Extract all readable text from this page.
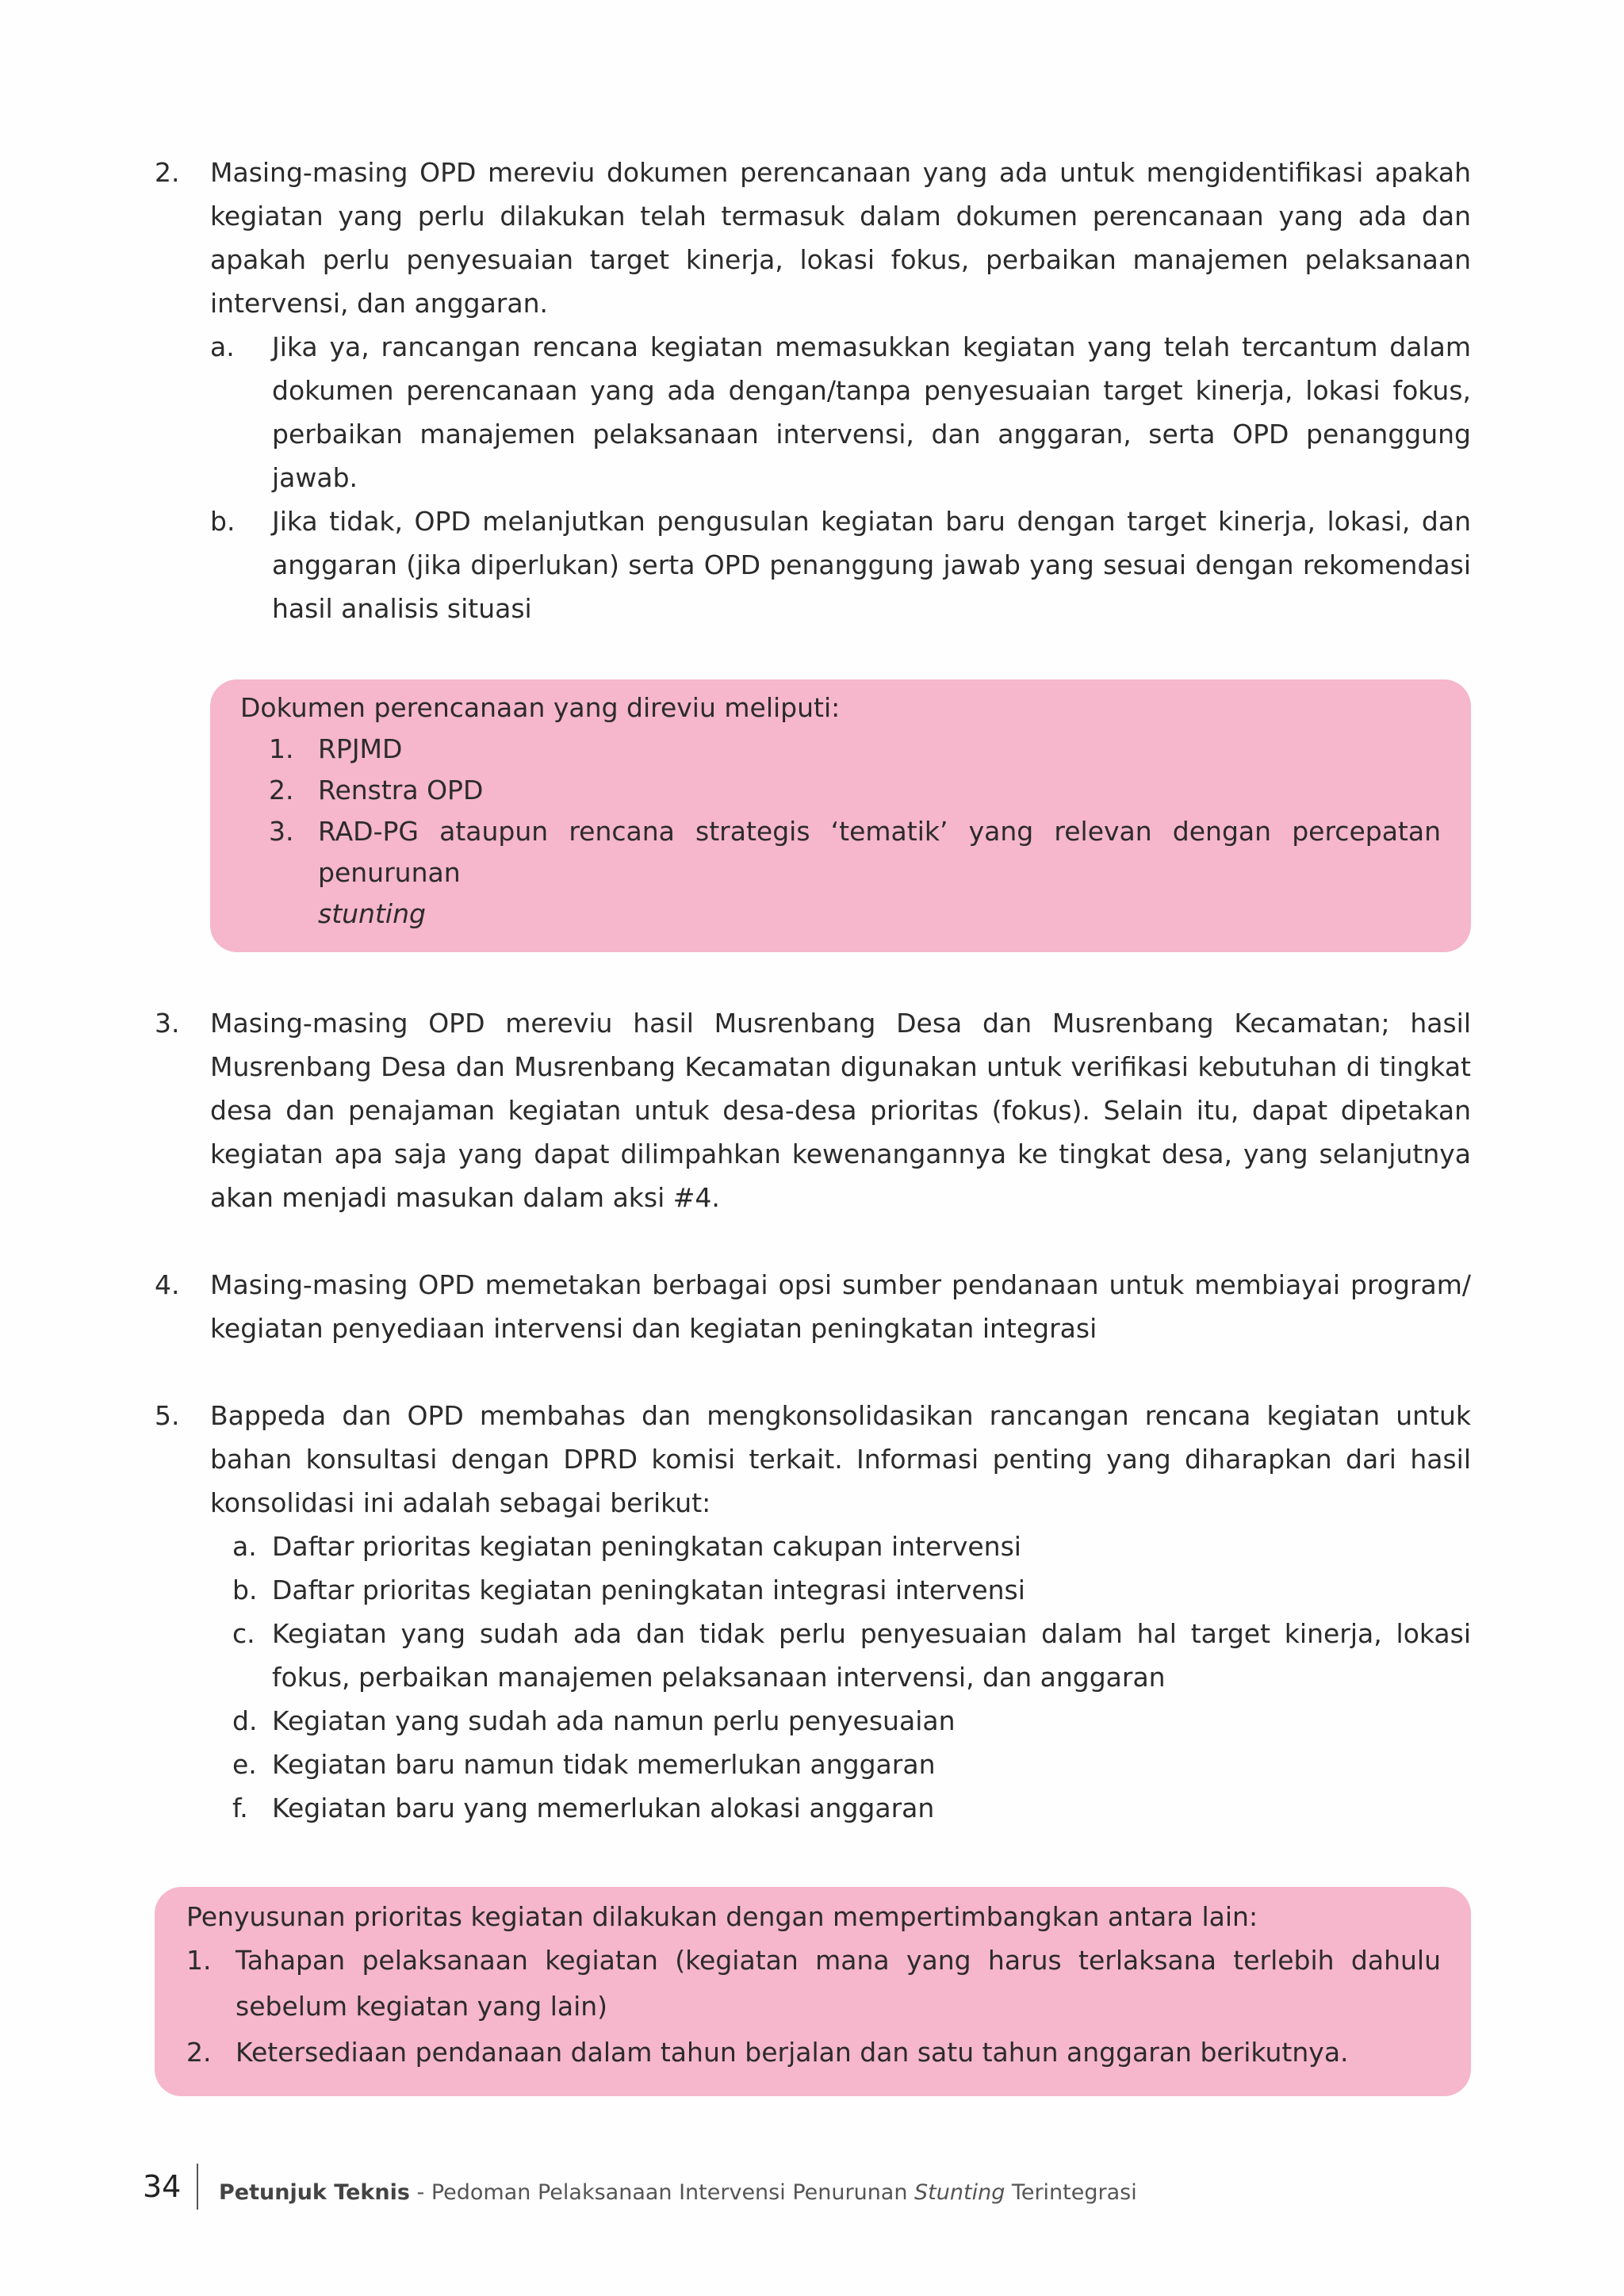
2.	Masing-masing OPD mereviu dokumen perencanaan yang ada untuk mengidentifikasi apakah kegiatan yang perlu dilakukan telah termasuk dalam dokumen perencanaan yang ada dan apakah perlu penyesuaian target kinerja, lokasi fokus, perbaikan manajemen pelaksanaan intervensi, dan anggaran.
a.	Jika ya, rancangan rencana kegiatan memasukkan kegiatan yang telah tercantum dalam dokumen perencanaan yang ada dengan/tanpa penyesuaian target kinerja, lokasi fokus, perbaikan manajemen pelaksanaan intervensi, dan anggaran, serta OPD penanggung jawab.
b.	Jika tidak, OPD melanjutkan pengusulan kegiatan baru dengan target kinerja, lokasi, dan anggaran (jika diperlukan) serta OPD penanggung jawab yang sesuai dengan rekomendasi hasil analisis situasi
Dokumen perencanaan yang direviu meliputi:
1. RPJMD
2. Renstra OPD
3. RAD-PG ataupun rencana strategis ‘tematik’ yang relevan dengan percepatan penurunan
stunting
3.	Masing-masing OPD mereviu hasil Musrenbang Desa dan Musrenbang Kecamatan; hasil Musrenbang Desa dan Musrenbang Kecamatan digunakan untuk verifikasi kebutuhan di tingkat desa dan penajaman kegiatan untuk desa-desa prioritas (fokus). Selain itu, dapat dipetakan kegiatan apa saja yang dapat dilimpahkan kewenangannya ke tingkat desa, yang selanjutnya akan menjadi masukan dalam aksi #4.
4.	Masing-masing OPD memetakan berbagai opsi sumber pendanaan untuk membiayai program/ kegiatan penyediaan intervensi dan kegiatan peningkatan integrasi
5.	Bappeda dan OPD membahas dan mengkonsolidasikan rancangan rencana kegiatan untuk bahan konsultasi dengan DPRD komisi terkait. Informasi penting yang diharapkan dari hasil konsolidasi ini adalah sebagai berikut:
a. Daftar prioritas kegiatan peningkatan cakupan intervensi
b. Daftar prioritas kegiatan peningkatan integrasi intervensi
c. Kegiatan yang sudah ada dan tidak perlu penyesuaian dalam hal target kinerja, lokasi fokus, perbaikan manajemen pelaksanaan intervensi, dan anggaran
d. Kegiatan yang sudah ada namun perlu penyesuaian
e. Kegiatan baru namun tidak memerlukan anggaran
f. Kegiatan baru yang memerlukan alokasi anggaran
Penyusunan prioritas kegiatan dilakukan dengan mempertimbangkan antara lain:
1. Tahapan pelaksanaan kegiatan (kegiatan mana yang harus terlaksana terlebih dahulu sebelum kegiatan yang lain)
2. Ketersediaan pendanaan dalam tahun berjalan dan satu tahun anggaran berikutnya.
34	Petunjuk Teknis - Pedoman Pelaksanaan Intervensi Penurunan Stunting Terintegrasi
